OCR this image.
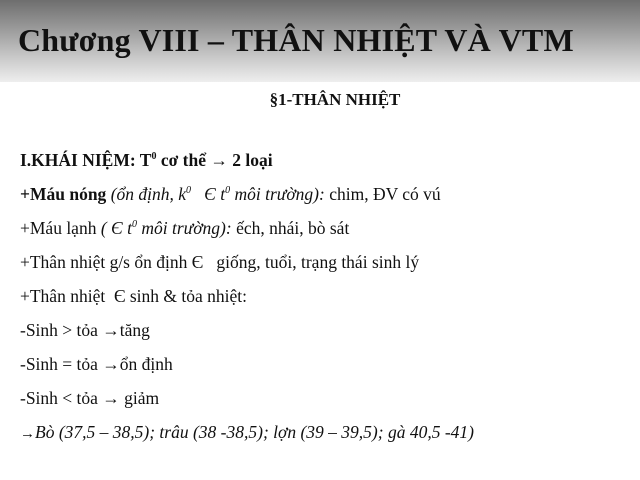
Chương VIII – THÂN NHIỆT VÀ VTM
§1-THÂN NHIỆT
I.KHÁI NIỆM: $T^0$ cơ thể → 2 loại
+Máu nóng (ổn định, $k^0$   Є $t^0$ môi trường): chim, ĐV có vú
+Máu lạnh ( Є $t^0$ môi trường): ếch, nhái, bò sát
+Thân nhiệt g/s ổn định Є   giống, tuổi, trạng thái sinh lý
+Thân nhiệt  Є sinh & tỏa nhiệt:
-Sinh > tỏa →tăng
-Sinh = tỏa →ổn định
-Sinh < tỏa → giảm
→Bò (37,5 – 38,5); trâu (38 -38,5); lợn (39 – 39,5); gà 40,5 -41)
